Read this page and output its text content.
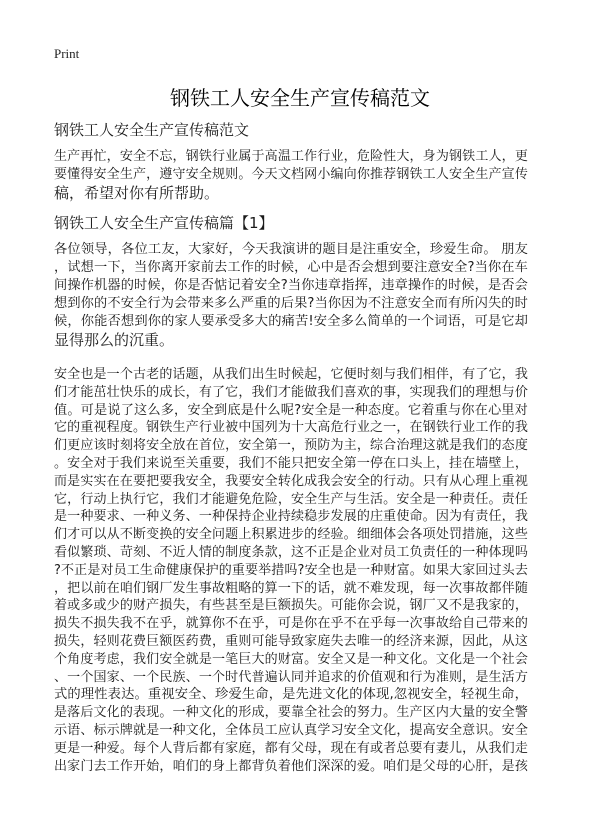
Print
钢铁工人安全生产宣传稿范文
钢铁工人安全生产宣传稿范文
生产再忙，安全不忘，钢铁行业属于高温工作行业，危险性大，身为钢铁工人，更
要懂得安全生产，遵守安全规则。今天文档网小编向你推荐钢铁工人安全生产宣传
稿，希望对你有所帮助。
钢铁工人安全生产宣传稿篇【1】
各位领导，各位工友，大家好，今天我演讲的题目是注重安全，珍爱生命。 朋友
，试想一下，当你离开家前去工作的时候，心中是否会想到要注意安全?当你在车
间操作机器的时候，你是否惦记着安全?当你违章指挥，违章操作的时候，是否会
想到你的不安全行为会带来多么严重的后果?当你因为不注意安全而有所闪失的时
候，你能否想到你的家人要承受多大的痛苦!安全多么简单的一个词语，可是它却
显得那么的沉重。
安全也是一个古老的话题，从我们出生时候起，它便时刻与我们相伴，有了它，我
们才能茁壮快乐的成长，有了它，我们才能做我们喜欢的事，实现我们的理想与价
值。可是说了这么多，安全到底是什么呢?安全是一种态度。它着重与你在心里对
它的重视程度。钢铁生产行业被中国列为十大高危行业之一，在钢铁行业工作的我
们更应该时刻将安全放在首位，安全第一，预防为主，综合治理这就是我们的态度
。安全对于我们来说至关重要，我们不能只把安全第一停在口头上，挂在墙壁上，
而是实实在在要把要我安全，我要安全转化成我会安全的行动。只有从心理上重视
它，行动上执行它，我们才能避免危险，安全生产与生活。安全是一种责任。责任
是一种要求、一种义务、一种保持企业持续稳步发展的庄重使命。因为有责任，我
们才可以从不断变换的安全问题上积累进步的经验。细细体会各项处罚措施，这些
看似繁琐、苛刻、不近人情的制度条款，这不正是企业对员工负责任的一种体现吗
?不正是对员工生命健康保护的重要举措吗?安全也是一种财富。如果大家回过头去
，把以前在咱们钢厂发生事故粗略的算一下的话，就不难发现，每一次事故都伴随
着或多或少的财产损失，有些甚至是巨额损失。可能你会说，钢厂又不是我家的，
损失不损失我不在乎，就算你不在乎，可是你在乎不在乎每一次事故给自己带来的
损失，轻则花费巨额医药费，重则可能导致家庭失去唯一的经济来源，因此，从这
个角度考虑，我们安全就是一笔巨大的财富。安全又是一种文化。文化是一个社会
、一个国家、一个民族、一个时代普遍认同并追求的价值观和行为准则，是生活方
式的理性表达。重视安全、珍爱生命，是先进文化的体现,忽视安全，轻视生命，
是落后文化的表现。一种文化的形成，要靠全社会的努力。生产区内大量的安全警
示语、标示牌就是一种文化，全体员工应认真学习安全文化，提高安全意识。安全
更是一种爱。每个人背后都有家庭，都有父母，现在有或者总要有妻儿，从我们走
出家门去工作开始，咱们的身上都背负着他们深深的爱。咱们是父母的心肝，是孩
